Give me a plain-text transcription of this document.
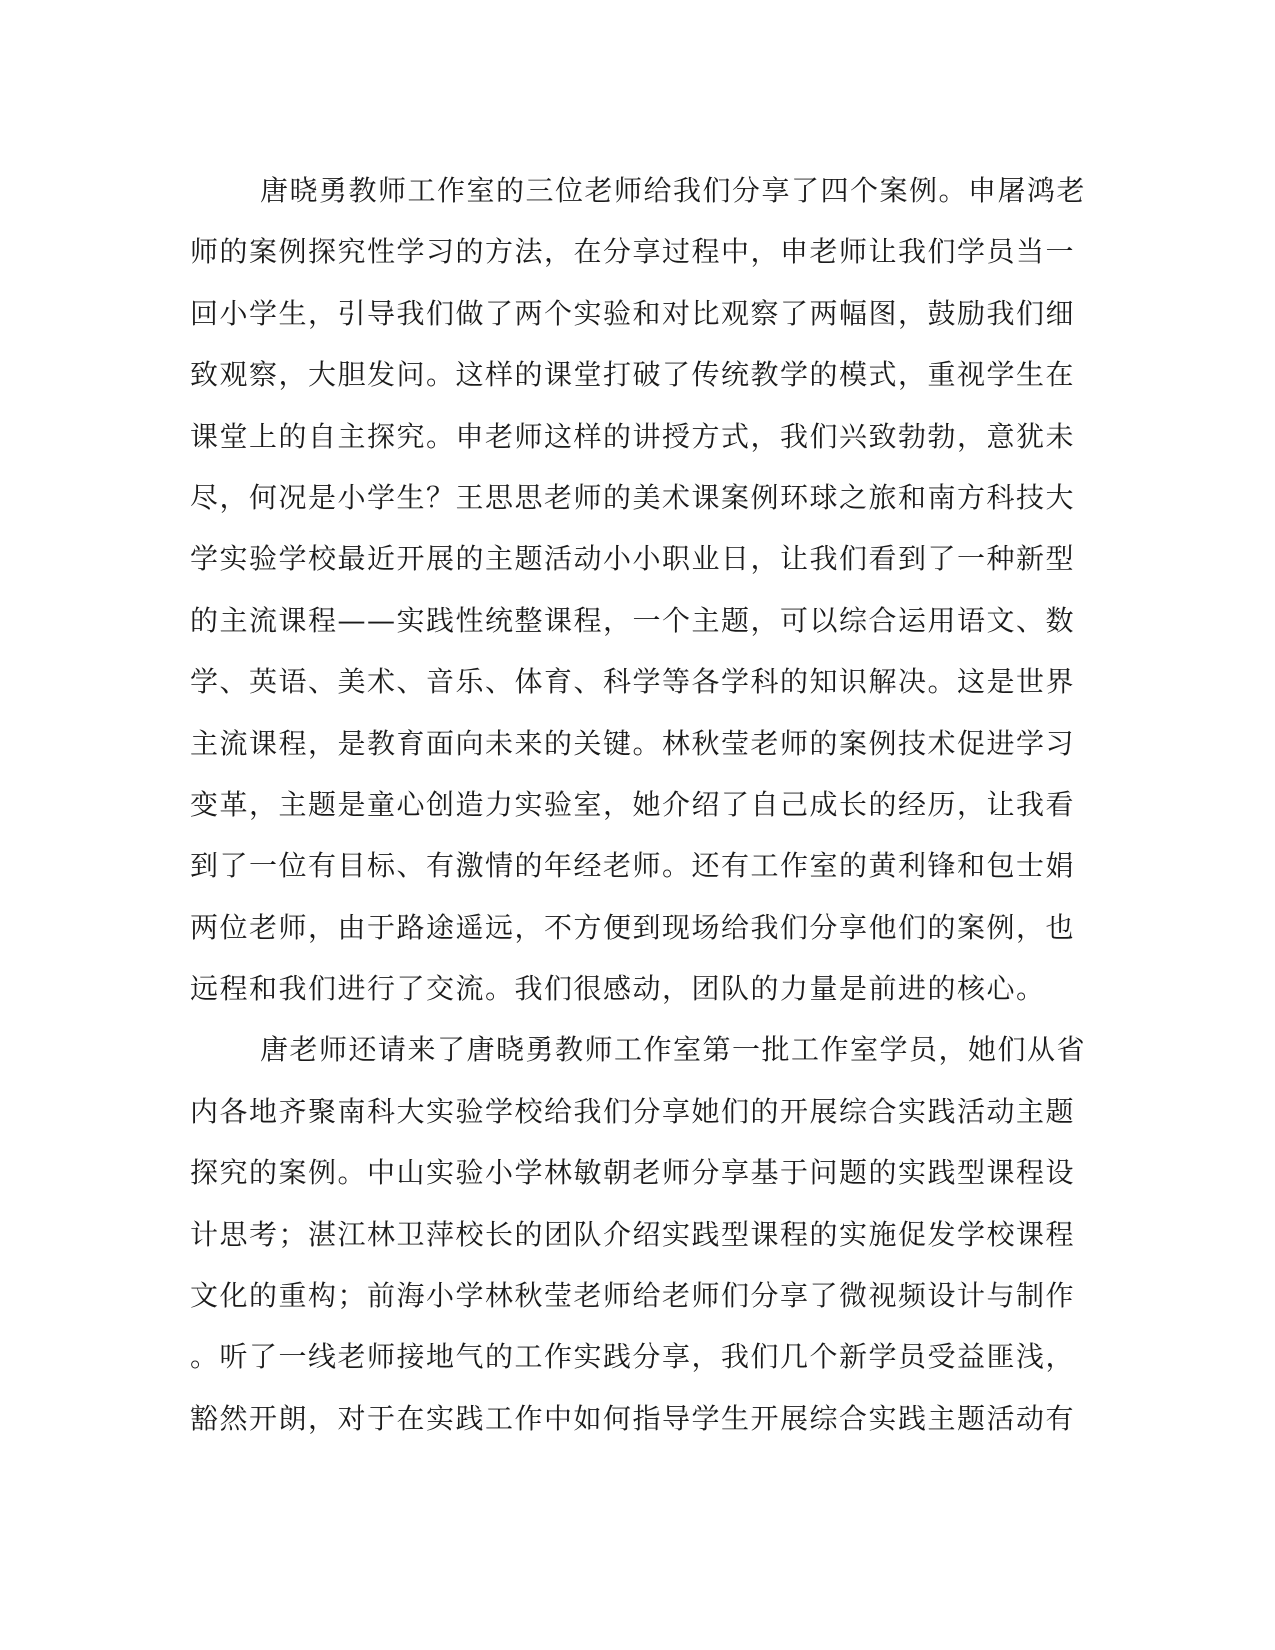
唐晓勇教师工作室的三位老师给我们分享了四个案例。申屠鸿老
师的案例探究性学习的方法，在分享过程中，申老师让我们学员当一
回小学生，引导我们做了两个实验和对比观察了两幅图，鼓励我们细
致观察，大胆发问。这样的课堂打破了传统教学的模式，重视学生在
课堂上的自主探究。申老师这样的讲授方式，我们兴致勃勃，意犹未
尽，何况是小学生？王思思老师的美术课案例环球之旅和南方科技大
学实验学校最近开展的主题活动小小职业日，让我们看到了一种新型
的主流课程——实践性统整课程，一个主题，可以综合运用语文、数
学、英语、美术、音乐、体育、科学等各学科的知识解决。这是世界
主流课程，是教育面向未来的关键。林秋莹老师的案例技术促进学习
变革，主题是童心创造力实验室，她介绍了自己成长的经历，让我看
到了一位有目标、有激情的年经老师。还有工作室的黄利锋和包士娟
两位老师，由于路途遥远，不方便到现场给我们分享他们的案例，也
远程和我们进行了交流。我们很感动，团队的力量是前进的核心。
唐老师还请来了唐晓勇教师工作室第一批工作室学员，她们从省
内各地齐聚南科大实验学校给我们分享她们的开展综合实践活动主题
探究的案例。中山实验小学林敏朝老师分享基于问题的实践型课程设
计思考；湛江林卫萍校长的团队介绍实践型课程的实施促发学校课程
文化的重构；前海小学林秋莹老师给老师们分享了微视频设计与制作
。听了一线老师接地气的工作实践分享，我们几个新学员受益匪浅，
豁然开朗，对于在实践工作中如何指导学生开展综合实践主题活动有
